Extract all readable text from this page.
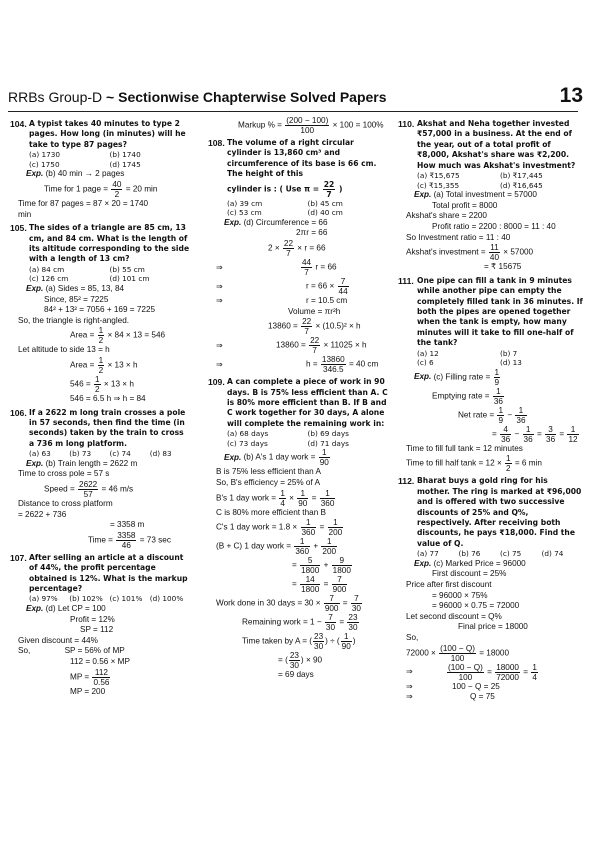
RRBs Group-D ~ Sectionwise Chapterwise Solved Papers	13
104. A typist takes 40 minutes to type 2 pages. How long (in minutes) will he take to type 87 pages?
(a) 1730	(b) 1740
(c) 1750	(d) 1745
Exp. (b) 40 min → 2 pages
Time for 1 page = $\frac{40}{2} = 20$ min
Time for 87 pages = 87 × 20 = 1740
min
105. The sides of a triangle are 85 cm, 13 cm, and 84 cm. What is the length of its altitude corresponding to the side with a length of 13 cm?
(a) 84 cm	(b) 55 cm
(c) 126 cm	(d) 101 cm
Exp. (a) Sides = 85, 13, 84
Since, 85² = 7225
84² + 13² = 7056 + 169 = 7225
So, the triangle is right-angled.
Area = $\frac{1}{2} \times 84 \times 13 = 546$
Let altitude to side 13 = h
Area = $\frac{1}{2} \times 13 \times h$
$546 = \frac{1}{2} \times 13 \times h$
546 = 6.5 h ⇒ h = 84
106. If a 2622 m long train crosses a pole in 57 seconds, then find the time (in seconds) taken by the train to cross a 736 m long platform.
(a) 63	(b) 73	(c) 74	(d) 83
Exp. (b) Train length = 2622 m
Time to cross pole = 57 s
Speed = $\frac{2622}{57} = 46$ m/s
Distance to cross platform
= 2622 + 736
= 3358 m
Time = $\frac{3358}{46} = 73$ sec
107. After selling an article at a discount of 44%, the profit percentage obtained is 12%. What is the markup percentage?
(a) 97%	(b) 102% (c) 101%	(d) 100%
Exp. (d) Let CP = 100
Profit = 12%
SP = 112
Given discount = 44%
So,	SP = 56% of MP
112 = 0.56 × MP
MP = $\frac{112}{0.56}$
MP = 200
Markup % = $\frac{(200 - 100)}{100} \times 100 = 100\%$
108. The volume of a right circular cylinder is 13,860 cm³ and circumference of its base is 66 cm. The height of this
cylinder is : ( Use $\pi = \frac{22}{7}$ )
(a) 39 cm	(b) 45 cm
(c) 53 cm	(d) 40 cm
Exp. (d) Circumference = 66
2πr = 66
$2 \times \frac{22}{7} \times r = 66$
⇒	$\frac{44}{7}$ r = 66
⇒	$r = 66 \times \frac{7}{44}$
⇒	r = 10.5 cm
Volume = πr²h
$13860 = \frac{22}{7} \times (10.5)^2 \times h$
⇒	$13860 = \frac{22}{7} \times 11025 \times h$
⇒	$h = \frac{13860}{346.5} = 40$ cm
109. A can complete a piece of work in 90 days. B is 75% less efficient than A. C is 80% more efficient than B. If B and C work together for 30 days, A alone will complete the remaining work in:
(a) 68 days	(b) 69 days
(c) 73 days	(d) 71 days
Exp. (b) A's 1 day work = $\frac{1}{90}$
B is 75% less efficient than A
So, B's efficiency = 25% of A
B's 1 day work = $\frac{1}{4} \times \frac{1}{90} = \frac{1}{360}$
C is 80% more efficient than B
C's 1 day work = $1.8 \times \frac{1}{360} = \frac{1}{200}$
(B + C) 1 day work = $\frac{1}{360} + \frac{1}{200}$
= $\frac{5}{1800} + \frac{9}{1800}$
= $\frac{14}{1800} = \frac{7}{900}$
Work done in 30 days = $30 \times \frac{7}{900} = \frac{7}{30}$
Remaining work = $1 - \frac{7}{30} = \frac{23}{30}$
Time taken by A = ( $\frac{23}{30}$ ) ÷ ( $\frac{1}{90}$ )
= ( $\frac{23}{30}$ ) × 90
= 69 days
110. Akshat and Neha together invested ₹57,000 in a business. At the end of the year, out of a total profit of ₹8,000, Akshat's share was ₹2,200. How much was Akshat's investment?
(a) ₹15,675	(b) ₹17,445
(c) ₹15,355	(d) ₹16,645
Exp. (a) Total investment = 57000
Total profit = 8000
Akshat's share = 2200
Profit ratio = 2200 : 8000 = 11 : 40
So Investment ratio = 11 : 40
Akshat's investment = $\frac{11}{40} \times 57000$
= ₹ 15675
111. One pipe can fill a tank in 9 minutes while another pipe can empty the completely filled tank in 36 minutes. If both the pipes are opened together when the tank is empty, how many minutes will it take to fill one-half of the tank?
(a) 12	(b) 7
(c) 6	(d) 13
Exp. (c) Filling rate = $\frac{1}{9}$
Emptying rate = $\frac{1}{36}$
Net rate = $\frac{1}{9} - \frac{1}{36}$
= $\frac{4}{36} - \frac{1}{36} = \frac{3}{36} = \frac{1}{12}$
Time to fill full tank = 12 minutes
Time to fill half $\tan k = 12 \times \frac{1}{2} = 6$ min
112. Bharat buys a gold ring for his mother. The ring is marked at ₹96,000 and is offered with two successive discounts of 25% and Q%, respectively. After receiving both discounts, he pays ₹18,000. Find the value of Q.
(a) 77	(b) 76	(c) 75	(d) 74
Exp. (c) Marked Price = 96000
First discount = 25%
Price after first discount
= 96000 × 75%
= 96000 × 0.75 = 72000
Let second discount = Q%
Final price = 18000
So,
$72000 \times \frac{(100 - Q)}{100} = 18000$
⇒	$\frac{(100 - Q)}{100} = \frac{18000}{72000} = \frac{1}{4}$
⇒	100 − Q = 25
⇒	Q = 75
